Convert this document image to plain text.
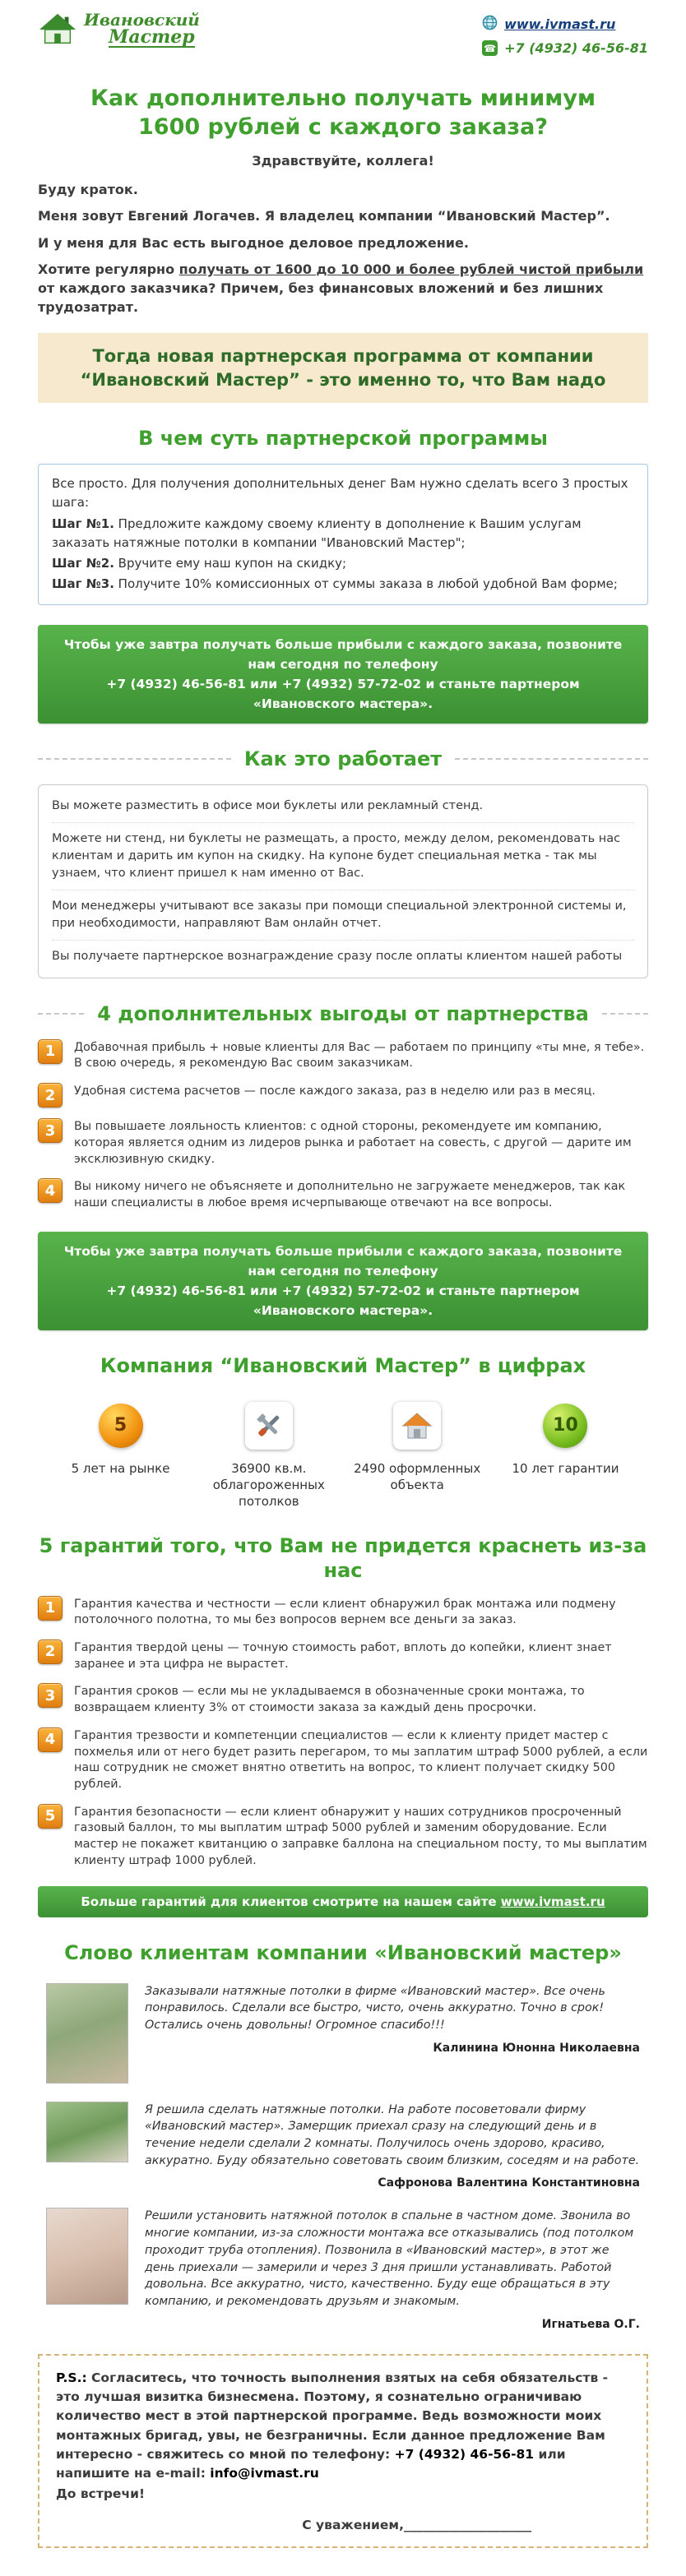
Ивановский
Мастер
www.ivmast.ru
☎ +7 (4932) 46-56-81
Как дополнительно получать минимум 1600 рублей с каждого заказа?
Здравствуйте, коллега!

Буду краток.

Меня зовут Евгений Логачев. Я владелец компании “Ивановский Мастер”.

И у меня для Вас есть выгодное деловое предложение.

Хотите регулярно получать от 1600 до 10 000 и более рублей чистой прибыли от каждого заказчика? Причем, без финансовых вложений и без лишних трудозатрат.

Тогда новая партнерская программа от компании “Ивановский Мастер” - это именно то, что Вам надо
В чем суть партнерской программы
Все просто. Для получения дополнительных денег Вам нужно сделать всего 3 простых шага:
Шаг №1. Предложите каждому своему клиенту в дополнение к Вашим услугам заказать натяжные потолки в компании "Ивановский Мастер";
Шаг №2. Вручите ему наш купон на скидку;
Шаг №3. Получите 10% комиссионных от суммы заказа в любой удобной Вам форме;
Чтобы уже завтра получать больше прибыли с каждого заказа, позвоните нам сегодня по телефону
+7 (4932) 46-56-81 или +7 (4932) 57-72-02 и станьте партнером «Ивановского мастера».
Как это работает

Вы можете разместить в офисе мои буклеты или рекламный стенд.

Можете ни стенд, ни буклеты не размещать, а просто, между делом, рекомендовать нас клиентам и дарить им купон на скидку. На купоне будет специальная метка - так мы узнаем, что клиент пришел к нам именно от Вас.

Мои менеджеры учитывают все заказы при помощи специальной электронной системы и, при необходимости, направляют Вам онлайн отчет.

Вы получаете партнерское вознаграждение сразу после оплаты клиентом нашей работы

4 дополнительных выгоды от партнерства
1	Добавочная прибыль + новые клиенты для Вас — работаем по принципу «ты мне, я тебе». В свою очередь, я рекомендую Вас своим заказчикам.
2	Удобная система расчетов — после каждого заказа, раз в неделю или раз в месяц.
3	Вы повышаете лояльность клиентов: с одной стороны, рекомендуете им компанию, которая является одним из лидеров рынка и работает на совесть, с другой — дарите им эксклюзивную скидку.
4	Вы никому ничего не объясняете и дополнительно не загружаете менеджеров, так как наши специалисты в любое время исчерпывающе отвечают на все вопросы.
Чтобы уже завтра получать больше прибыли с каждого заказа, позвоните нам сегодня по телефону
+7 (4932) 46-56-81 или +7 (4932) 57-72-02 и станьте партнером «Ивановского мастера».
Компания “Ивановский Мастер” в цифрах
5
5 лет на рынке	36900 кв.м. облагороженных потолков
2490 оформленных объекта
10
10 лет гарантии
5 гарантий того, что Вам не придется краснеть из-за нас
1	Гарантия качества и честности — если клиент обнаружил брак монтажа или подмену потолочного полотна, то мы без вопросов вернем все деньги за заказ.
2	Гарантия твердой цены — точную стоимость работ, вплоть до копейки, клиент знает заранее и эта цифра не вырастет.
3	Гарантия сроков — если мы не укладываемся в обозначенные сроки монтажа, то возвращаем клиенту 3% от стоимости заказа за каждый день просрочки.
4	Гарантия трезвости и компетенции специалистов — если к клиенту придет мастер с похмелья или от него будет разить перегаром, то мы заплатим штраф 5000 рублей, а если наш сотрудник не сможет внятно ответить на вопрос, то клиент получает скидку 500 рублей.
5	Гарантия безопасности — если клиент обнаружит у наших сотрудников просроченный газовый баллон, то мы выплатим штраф 5000 рублей и заменим оборудование. Если мастер не покажет квитанцию о заправке баллона на специальном посту, то мы выплатим клиенту штраф 1000 рублей.
Больше гарантий для клиентов смотрите на нашем сайте www.ivmast.ru
Слово клиентам компании «Ивановский мастер»
Заказывали натяжные потолки в фирме «Ивановский мастер». Все очень понравилось. Сделали все быстро, чисто, очень аккуратно. Точно в срок! Остались очень довольны! Огромное спасибо!!!
Калинина Юнонна Николаевна
Я решила сделать натяжные потолки. На работе посоветовали фирму «Ивановский мастер». Замерщик приехал сразу на следующий день и в течение недели сделали 2 комнаты. Получилось очень здорово, красиво, аккуратно. Буду обязательно советовать своим близким, соседям и на работе.
Сафронова Валентина Константиновна
Решили установить натяжной потолок в спальне в частном доме. Звонила во многие компании, из-за сложности монтажа все отказывались (под потолком проходит труба отопления). Позвонила в «Ивановский мастер», в этот же день приехали — замерили и через 3 дня пришли устанавливать. Работой довольна. Все аккуратно, чисто, качественно. Буду еще обращаться в эту компанию, и рекомендовать друзьям и знакомым.
Игнатьева О.Г.
P.S.: Согласитесь, что точность выполнения взятых на себя обязательств - это лучшая визитка бизнесмена. Поэтому, я сознательно ограничиваю количество мест в этой партнерской программе. Ведь возможности моих монтажных бригад, увы, не безграничны. Если данное предложение Вам интересно - свяжитесь со мной по телефону: +7 (4932) 46-56-81 или напишите на e-mail: info@ivmast.ru
До встречи!
С уважением,____________________
